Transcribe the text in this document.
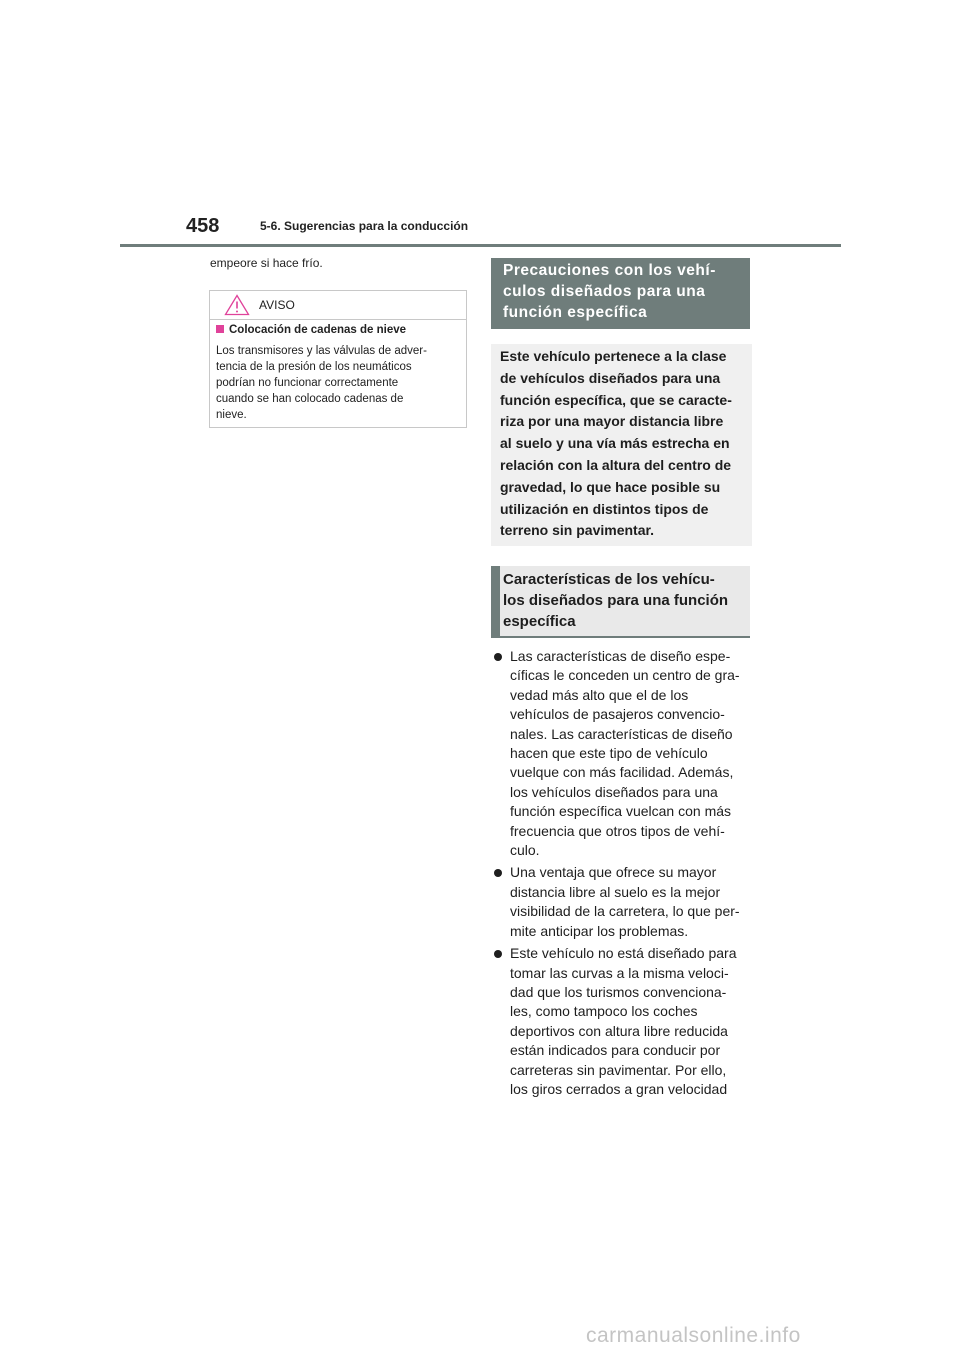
458	5-6. Sugerencias para la conducción
empeore si hace frío.
AVISO
Colocación de cadenas de nieve
Los transmisores y las válvulas de adver-
tencia de la presión de los neumáticos
podrían no funcionar correctamente
cuando se han colocado cadenas de
nieve.
Precauciones con los vehí-
culos diseñados para una
función específica
Este vehículo pertenece a la clase
de vehículos diseñados para una
función específica, que se caracte-
riza por una mayor distancia libre
al suelo y una vía más estrecha en
relación con la altura del centro de
gravedad, lo que hace posible su
utilización en distintos tipos de
terreno sin pavimentar.
Características de los vehícu-
los diseñados para una función
específica
Las características de diseño espe-
cíficas le conceden un centro de gra-
vedad más alto que el de los
vehículos de pasajeros convencio-
nales. Las características de diseño
hacen que este tipo de vehículo
vuelque con más facilidad. Además,
los vehículos diseñados para una
función específica vuelcan con más
frecuencia que otros tipos de vehí-
culo.
Una ventaja que ofrece su mayor
distancia libre al suelo es la mejor
visibilidad de la carretera, lo que per-
mite anticipar los problemas.
Este vehículo no está diseñado para
tomar las curvas a la misma veloci-
dad que los turismos convenciona-
les, como tampoco los coches
deportivos con altura libre reducida
están indicados para conducir por
carreteras sin pavimentar. Por ello,
los giros cerrados a gran velocidad
carmanualsonline.info
